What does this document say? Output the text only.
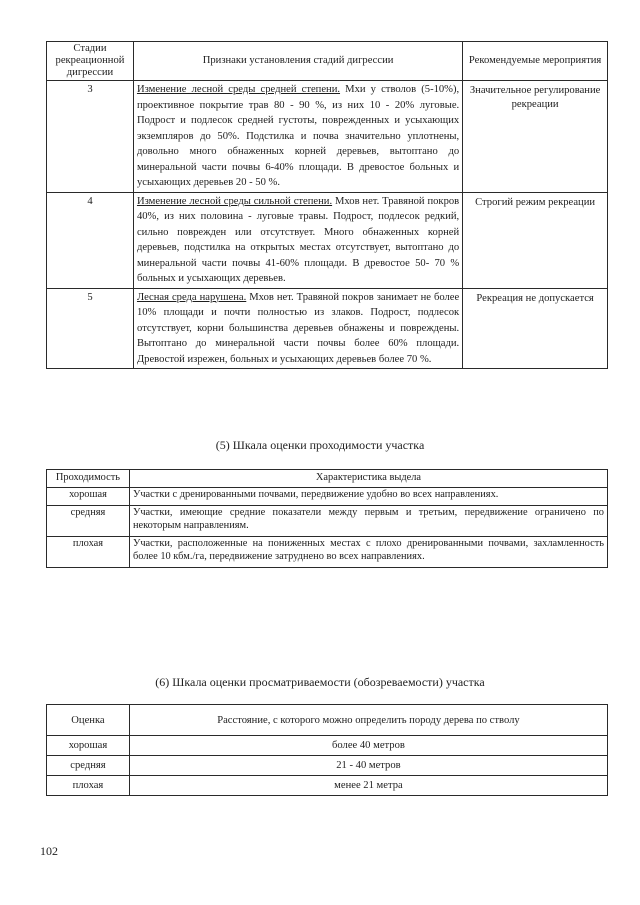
Стадии рекреационной дигрессии	Признаки установления стадий дигрессии	Рекомендуемые мероприятия
3	Изменение лесной среды средней степени. Мхи у стволов (5-10%), проективное покрытие трав 80 - 90 %, из них 10 - 20% луговые. Подрост и подлесок средней густоты, поврежденных и усыхающих экземпляров до 50%. Подстилка и почва значительно уплотнены, довольно много обнаженных корней деревьев, вытоптано до минеральной части почвы 6-40% площади. В древостое больных и усыхающих деревьев 20 - 50 %.	Значительное регулирование рекреации
4	Изменение лесной среды сильной степени. Мхов нет. Травяной покров 40%, из них половина - луговые травы. Подрост, подлесок редкий, сильно поврежден или отсутствует. Много обнаженных корней деревьев, подстилка на открытых местах отсутствует, вытоптано до минеральной части почвы 41-60% площади. В древостое 50- 70 % больных и усыхающих деревьев.	Строгий режим рекреации
5	Лесная среда нарушена. Мхов нет. Травяной покров занимает не более 10% площади и почти полностью из злаков. Подрост, подлесок отсутствует, корни большинства деревьев обнажены и повреждены. Вытоптано до минеральной части почвы более 60% площади. Древостой изрежен, больных и усыхающих деревьев более 70 %.	Рекреация не допускается
(5) Шкала оценки проходимости участка
Проходимость	Характеристика выдела
хорошая	Участки с дренированными почвами, передвижение удобно во всех направлениях.
средняя	Участки, имеющие средние показатели между первым и третьим, передвижение ограничено по некоторым направлениям.
плохая	Участки, расположенные на пониженных местах с плохо дренированными почвами, захламленность более 10 кбм./га, передвижение затруднено во всех направлениях.
(6) Шкала оценки просматриваемости (обозреваемости) участка
Оценка	Расстояние, с которого можно определить породу дерева по стволу
хорошая	более 40 метров
средняя	21 - 40 метров
плохая	менее 21 метра
102
